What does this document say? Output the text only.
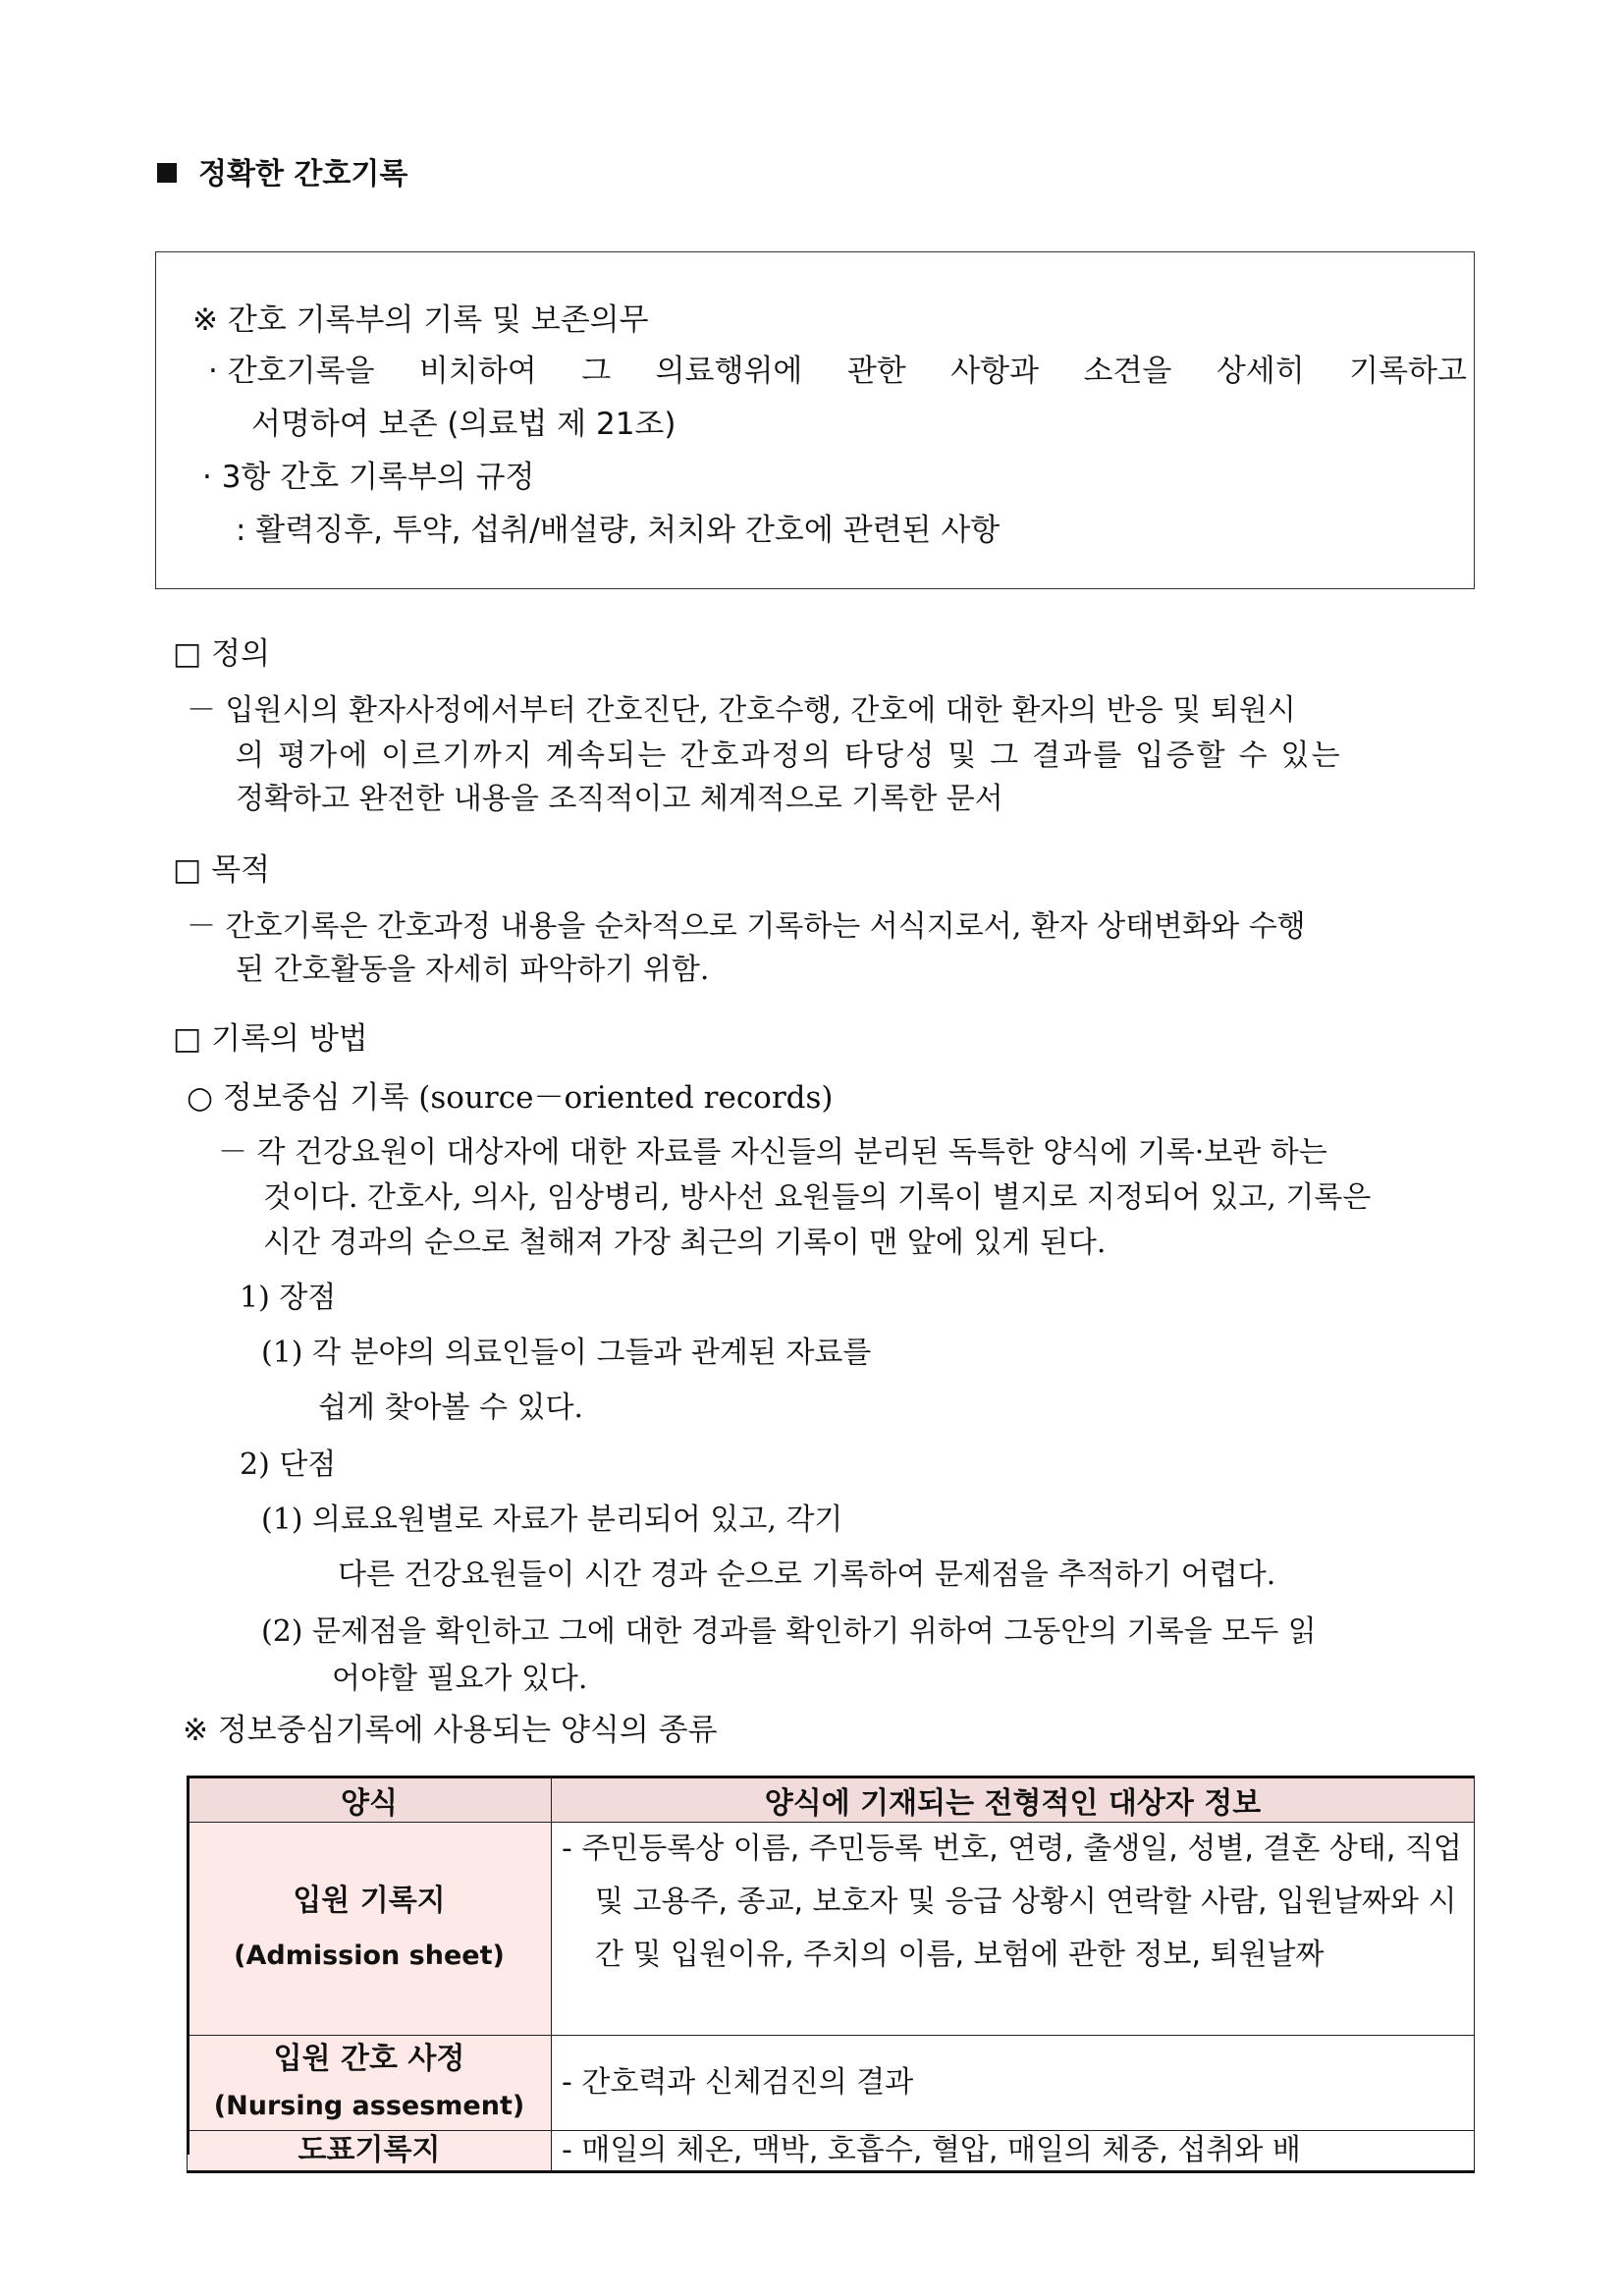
정확한 간호기록
※ 간호 기록부의 기록 및 보존의무
· 간호기록을 비치하여 그 의료행위에 관한 사항과 소견을 상세히 기록하고
서명하여 보존 (의료법 제 21조)
· 3항 간호 기록부의 규정
: 활력징후, 투약, 섭취/배설량, 처치와 간호에 관련된 사항
□ 정의
－ 입원시의 환자사정에서부터 간호진단, 간호수행, 간호에 대한 환자의 반응 및 퇴원시
의 평가에 이르기까지 계속되는 간호과정의 타당성 및 그 결과를 입증할 수 있는
정확하고 완전한 내용을 조직적이고 체계적으로 기록한 문서
□ 목적
－ 간호기록은 간호과정 내용을 순차적으로 기록하는 서식지로서, 환자 상태변화와 수행
된 간호활동을 자세히 파악하기 위함.
□ 기록의 방법
○ 정보중심 기록 (source－oriented records)
－ 각 건강요원이 대상자에 대한 자료를 자신들의 분리된 독특한 양식에 기록·보관 하는
것이다. 간호사, 의사, 임상병리, 방사선 요원들의 기록이 별지로 지정되어 있고, 기록은
시간 경과의 순으로 철해져 가장 최근의 기록이 맨 앞에 있게 된다.
1) 장점
(1) 각 분야의 의료인들이 그들과 관계된 자료를
쉽게 찾아볼 수 있다.
2) 단점
(1) 의료요원별로 자료가 분리되어 있고, 각기
다른 건강요원들이 시간 경과 순으로 기록하여 문제점을 추적하기 어렵다.
(2) 문제점을 확인하고 그에 대한 경과를 확인하기 위하여 그동안의 기록을 모두 읽
어야할 필요가 있다.
※ 정보중심기록에 사용되는 양식의 종류
양식	양식에 기재되는 전형적인 대상자 정보

입원 기록지
(Admission sheet)	- 주민등록상 이름, 주민등록 번호, 연령, 출생일, 성별, 결혼 상태, 직업 및 고용주, 종교, 보호자 및 응급 상황시 연락할 사람, 입원날짜와 시간 및 입원이유, 주치의 이름, 보험에 관한 정보, 퇴원날짜

입원 간호 사정
(Nursing assesment)	- 간호력과 신체검진의 결과

도표기록지	- 매일의 체온, 맥박, 호흡수, 혈압, 매일의 체중, 섭취와 배
